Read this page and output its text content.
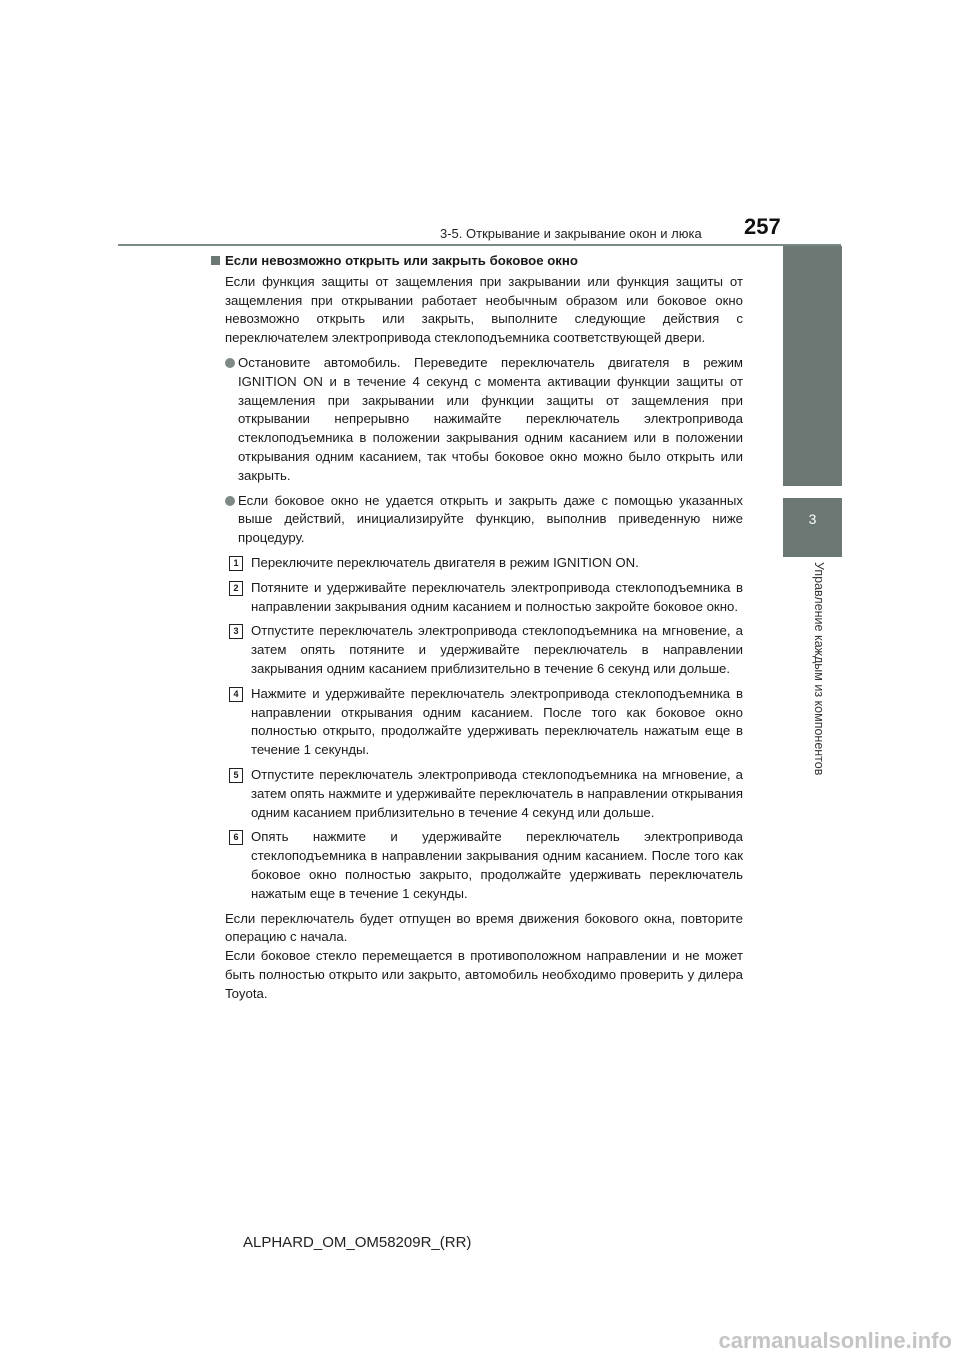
3-5. Открывание и закрывание окон и люка 257
3
Управление каждым из компонентов
Если невозможно открыть или закрыть боковое окно

Если функция защиты от защемления при закрывании или функция защиты от защемления при открывании работает необычным образом или боковое окно невозможно открыть или закрыть, выполните следующие действия с переключателем электропривода стеклоподъемника соответствующей двери.

Остановите автомобиль. Переведите переключатель двигателя в режим IGNITION ON и в течение 4 секунд с момента активации функции защиты от защемления при закрывании или функции защиты от защемления при открывании непрерывно нажимайте переключатель электропривода стеклоподъемника в положении закрывания одним касанием или в положении открывания одним касанием, так чтобы боковое окно можно было открыть или закрыть.
Если боковое окно не удается открыть и закрыть даже с помощью указанных выше действий, инициализируйте функцию, выполнив приведенную ниже процедуру.
1 Переключите переключатель двигателя в режим IGNITION ON.
2 Потяните и удерживайте переключатель электропривода стеклоподъемника в направлении закрывания одним касанием и полностью закройте боковое окно.
3 Отпустите переключатель электропривода стеклоподъемника на мгновение, а затем опять потяните и удерживайте переключатель в направлении закрывания одним касанием приблизительно в течение 6 секунд или дольше.
4 Нажмите и удерживайте переключатель электропривода стеклоподъемника в направлении открывания одним касанием. После того как боковое окно полностью открыто, продолжайте удерживать переключатель нажатым еще в течение 1 секунды.
5 Отпустите переключатель электропривода стеклоподъемника на мгновение, а затем опять нажмите и удерживайте переключатель в направлении открывания одним касанием приблизительно в течение 4 секунд или дольше.
6 Опять нажмите и удерживайте переключатель электропривода стеклоподъемника в направлении закрывания одним касанием. После того как боковое окно полностью закрыто, продолжайте удерживать переключатель нажатым еще в течение 1 секунды.

Если переключатель будет отпущен во время движения бокового окна, повторите операцию с начала.

Если боковое стекло перемещается в противоположном направлении и не может быть полностью открыто или закрыто, автомобиль необходимо проверить у дилера Toyota.

ALPHARD_OM_OM58209R_(RR)
carmanualsonline.info
